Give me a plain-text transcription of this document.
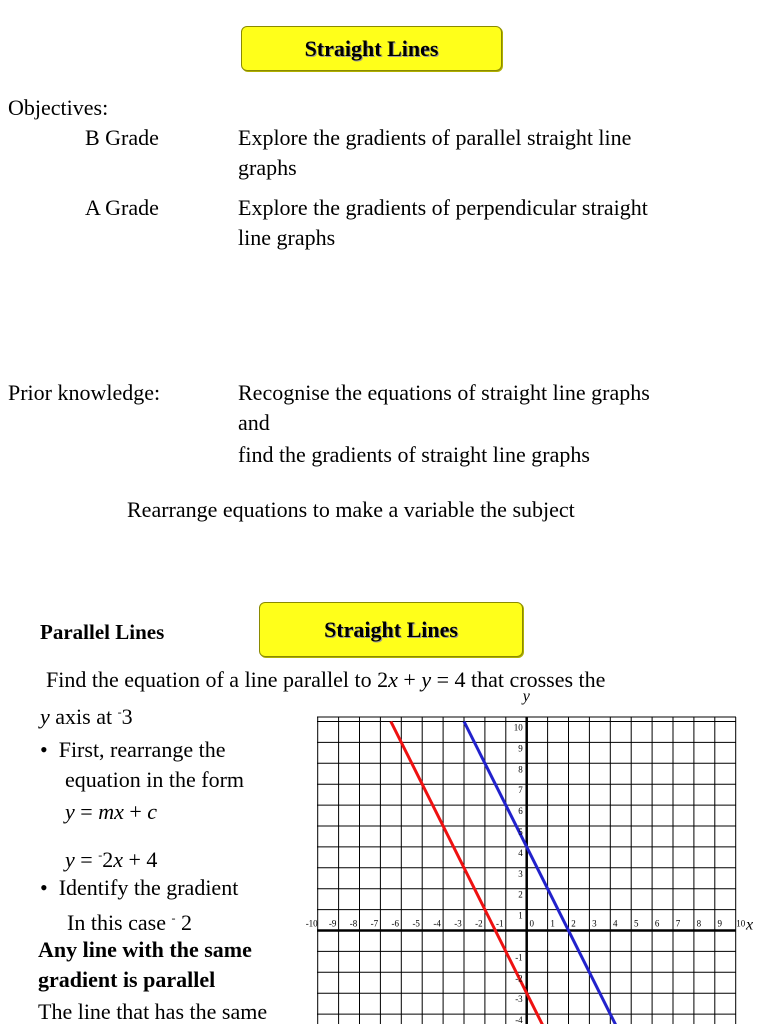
Straight Lines
Objectives:
B Grade	Explore the gradients of parallel straight line
graphs
A Grade	Explore the gradients of perpendicular straight
line graphs
Prior knowledge:	Recognise the equations of straight line graphs
and
find the gradients of straight line graphs
Rearrange equations to make a variable the subject
Straight Lines
Parallel Lines
Find the equation of a line parallel to 2x + y = 4 that crosses the
y axis at -3
•  First, rearrange the
equation in the form
y = mx + c
y = -2x + 4
•  Identify the gradient
In this case - 2
Any line with the same
gradient is parallel
The line that has the same
-10 -9 -8 -7 -6 -5 -4 -3 -2 -1	0 1 2 3 4 5 6 7 8 9 10
10
9
8
7
6
5
4
3
2
1
-1
-2
-3
-4
x
y
